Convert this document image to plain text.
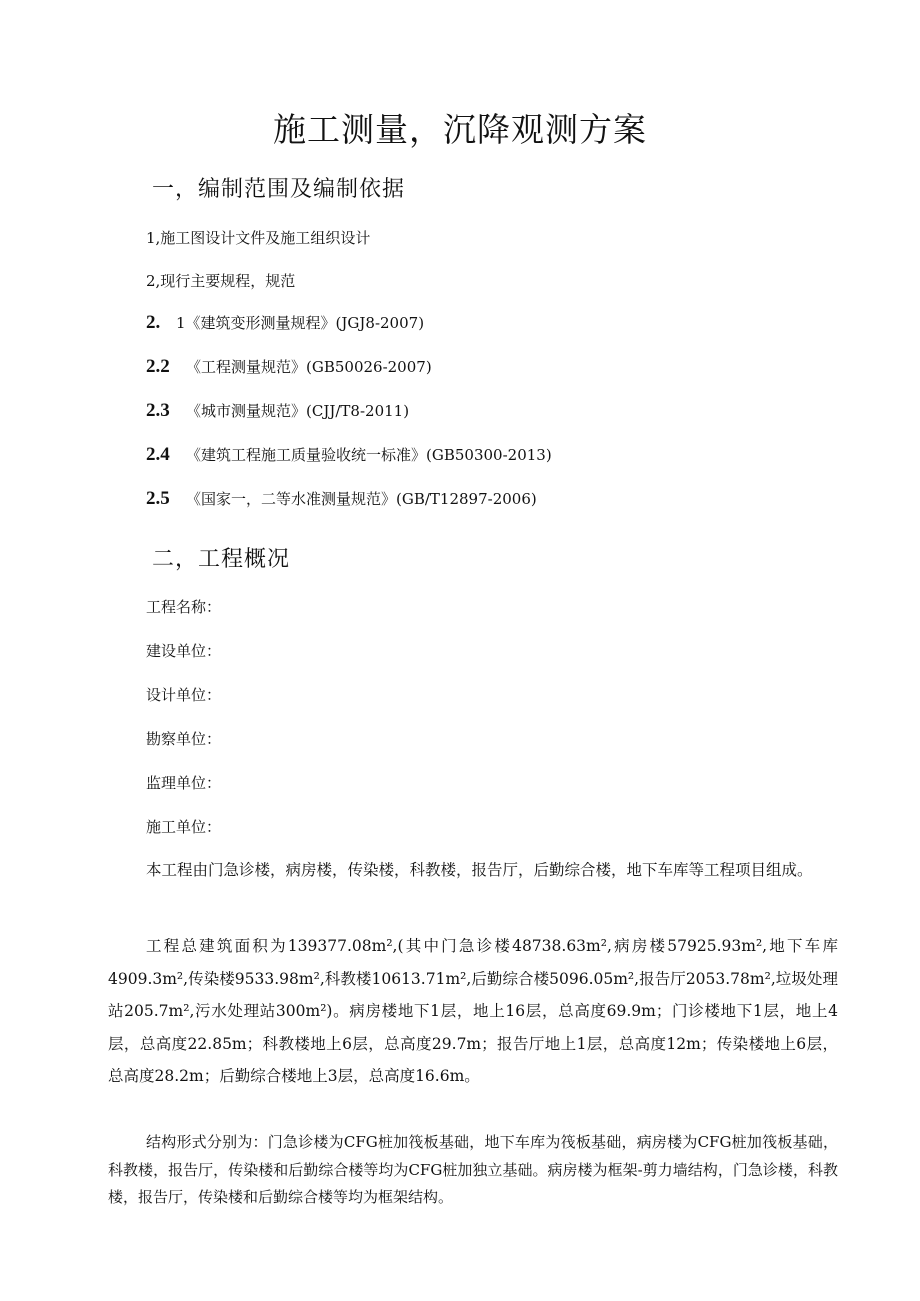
施工测量，沉降观测方案
一，编制范围及编制依据

1,施工图设计文件及施工组织设计

2,现行主要规程，规范

2. 1《建筑变形测量规程》(JGJ8-2007)

2.2 《工程测量规范》(GB50026-2007)

2.3 《城市测量规范》(CJJ/T8-2011)

2.4 《建筑工程施工质量验收统一标准》(GB50300-2013)

2.5 《国家一，二等水准测量规范》(GB/T12897-2006)

二，工程概况

工程名称：

建设单位：

设计单位：

勘察单位：

监理单位：

施工单位：

本工程由门急诊楼，病房楼，传染楼，科教楼，报告厅，后勤综合楼，地下车库等工程项目组成。

工程总建筑面积为139377.08m²,(其中门急诊楼48738.63m²,病房楼57925.93m²,地下车库4909.3m²,传染楼9533.98m²,科教楼10613.71m²,后勤综合楼5096.05m²,报告厅2053.78m²,垃圾处理站205.7m²,污水处理站300m²)。病房楼地下1层，地上16层，总高度69.9m；门诊楼地下1层，地上4层，总高度22.85m；科教楼地上6层，总高度29.7m；报告厅地上1层，总高度12m；传染楼地上6层，总高度28.2m；后勤综合楼地上3层，总高度16.6m。

结构形式分别为：门急诊楼为CFG桩加筏板基础，地下车库为筏板基础，病房楼为CFG桩加筏板基础，科教楼，报告厅，传染楼和后勤综合楼等均为CFG桩加独立基础。病房楼为框架-剪力墙结构，门急诊楼，科教楼，报告厅，传染楼和后勤综合楼等均为框架结构。
